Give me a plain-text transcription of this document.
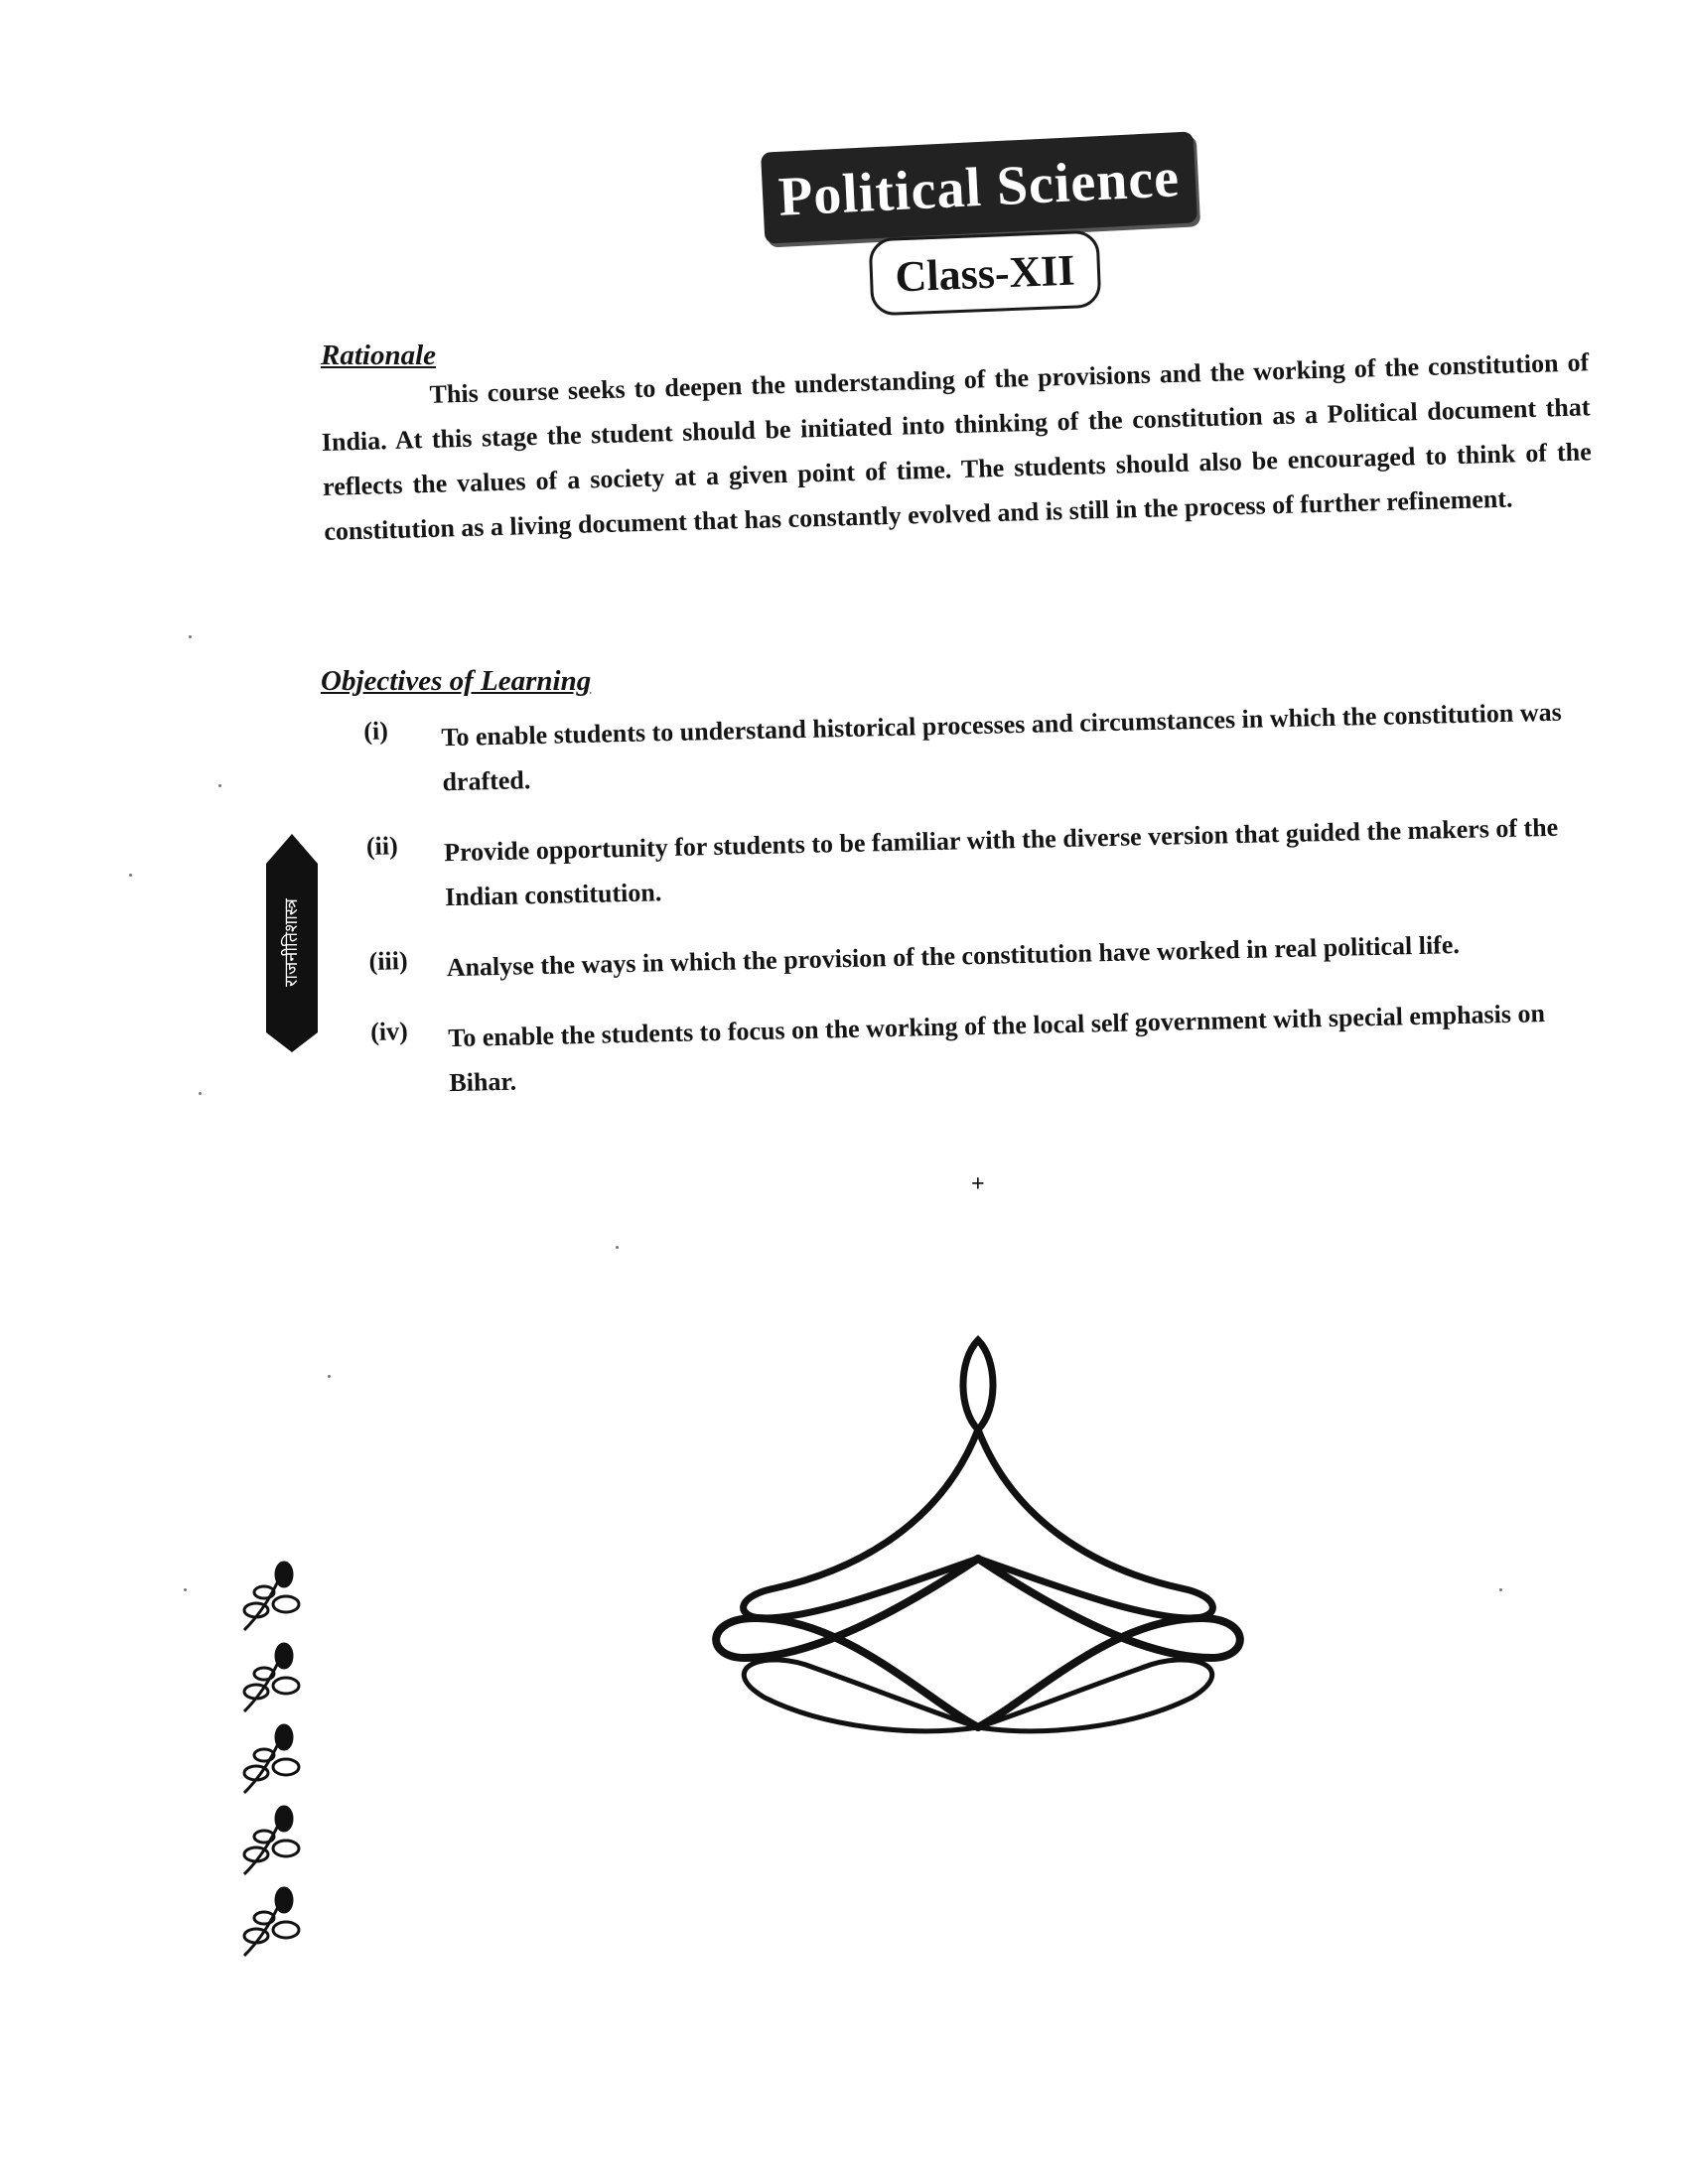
Political Science
Class-XII
Rationale
This course seeks to deepen the understanding of the provisions and the working of the constitution of India. At this stage the student should be initiated into thinking of the constitution as a Political document that reflects the values of a society at a given point of time. The students should also be encouraged to think of the constitution as a living document that has constantly evolved and is still in the process of further refinement.
Objectives of Learning
(i)	To enable students to understand historical processes and circumstances in which the constitution was drafted.
(ii)	Provide opportunity for students to be familiar with the diverse version that guided the makers of the Indian constitution.
(iii)	Analyse the ways in which the provision of the constitution have worked in real political life.
(iv)	To enable the students to focus on the working of the local self government with special emphasis on Bihar.
राजनीतिशास्त्र
+
